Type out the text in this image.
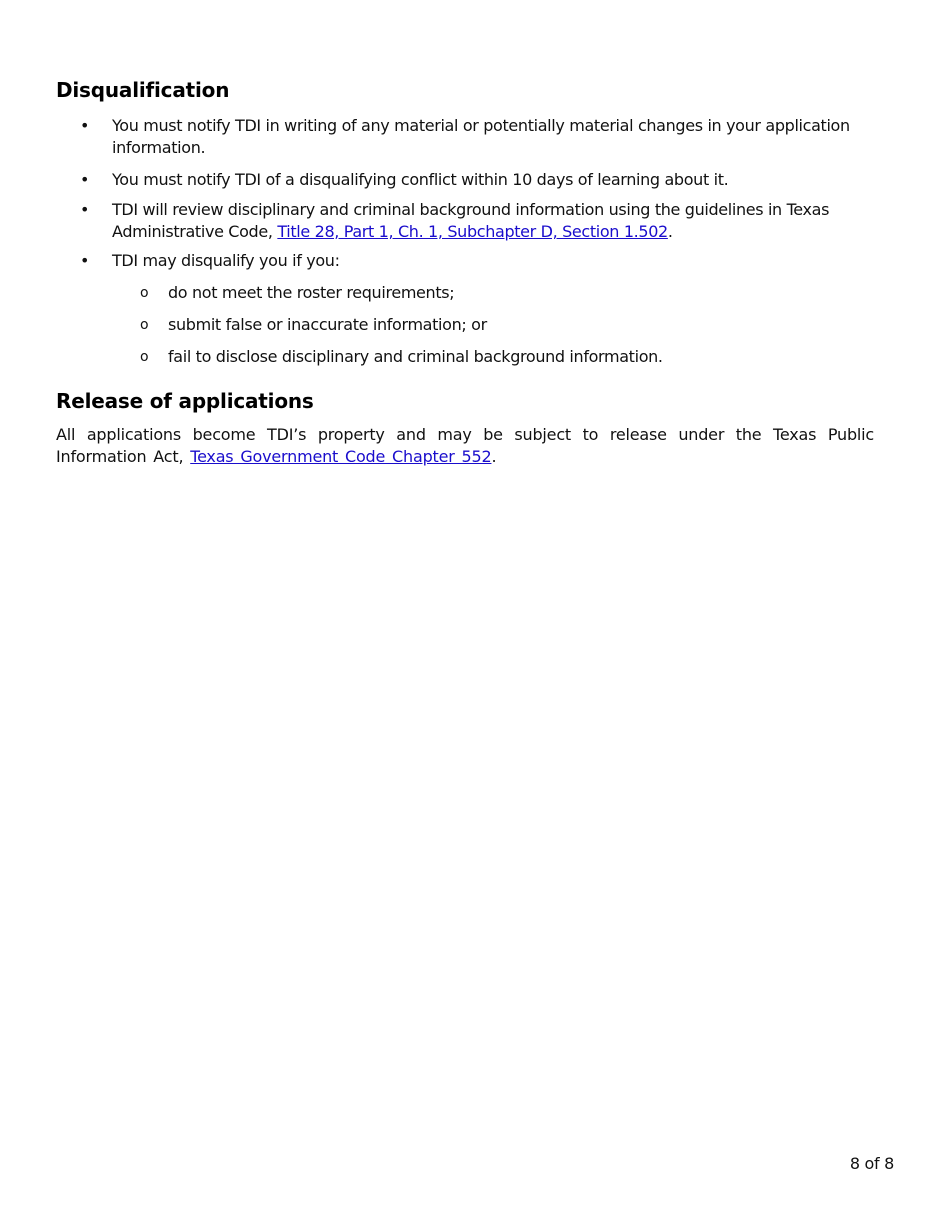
Disqualification
•	You must notify TDI in writing of any material or potentially material changes in your application information.
•	You must notify TDI of a disqualifying conflict within 10 days of learning about it.
•	TDI will review disciplinary and criminal background information using the guidelines in Texas Administrative Code, Title 28, Part 1, Ch. 1, Subchapter D, Section 1.502.
•	TDI may disqualify you if you:
o do not meet the roster requirements;
o submit false or inaccurate information; or
o fail to disclose disciplinary and criminal background information.
Release of applications
All applications become TDI’s property and may be subject to release under the Texas Public Information Act, Texas Government Code Chapter 552.
8 of 8
